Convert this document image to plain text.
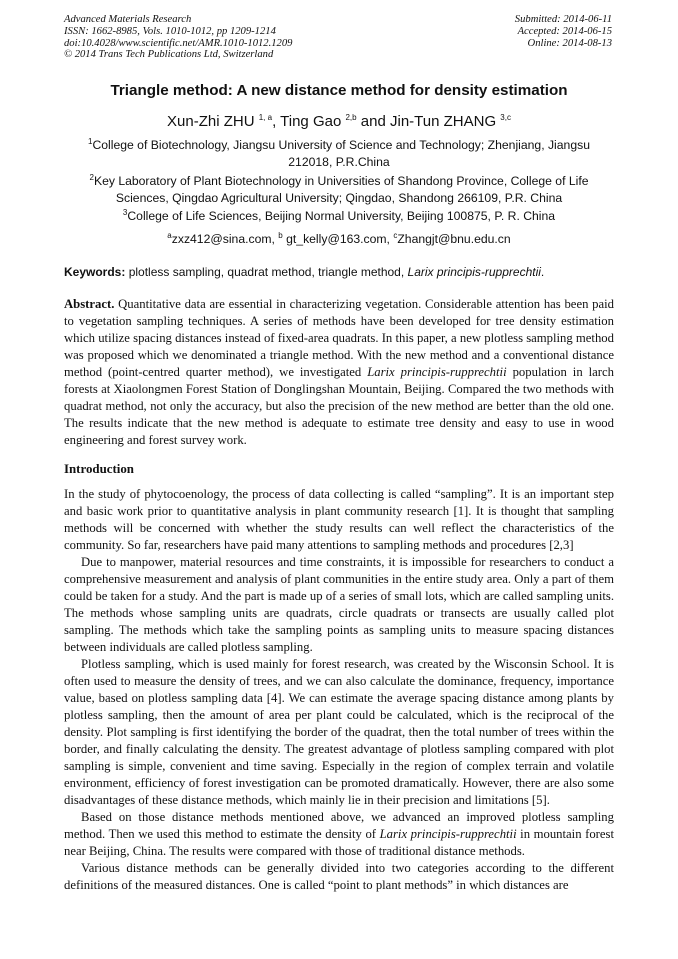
Advanced Materials Research
ISSN: 1662-8985, Vols. 1010-1012, pp 1209-1214
doi:10.4028/www.scientific.net/AMR.1010-1012.1209
© 2014 Trans Tech Publications Ltd, Switzerland
Submitted: 2014-06-11
Accepted: 2014-06-15
Online: 2014-08-13
Triangle method: A new distance method for density estimation
Xun-Zhi ZHU $^{1, a}$, Ting Gao $^{2,b}$ and Jin-Tun ZHANG $^{3,c}$
$^1$College of Biotechnology, Jiangsu University of Science and Technology; Zhenjiang, Jiangsu 212018, P.R.China
$^2$Key Laboratory of Plant Biotechnology in Universities of Shandong Province, College of Life Sciences, Qingdao Agricultural University; Qingdao, Shandong 266109, P.R. China
$^3$College of Life Sciences, Beijing Normal University, Beijing 100875, P. R. China
$^a$zxz412@sina.com, $^b$ gt_kelly@163.com, $^c$Zhangjt@bnu.edu.cn
Keywords: plotless sampling, quadrat method, triangle method, Larix principis-rupprechtii.

Abstract. Quantitative data are essential in characterizing vegetation. Considerable attention has been paid to vegetation sampling techniques. A series of methods have been developed for tree density estimation which utilize spacing distances instead of fixed-area quadrats. In this paper, a new plotless sampling method was proposed which we denominated a triangle method. With the new method and a conventional distance method (point-centred quarter method), we investigated Larix principis-rupprechtii population in larch forests at Xiaolongmen Forest Station of Donglingshan Mountain, Beijing. Compared the two methods with quadrat method, not only the accuracy, but also the precision of the new method are better than the old one. The results indicate that the new method is adequate to estimate tree density and easy to use in wood engineering and forest survey work.

Introduction

In the study of phytocoenology, the process of data collecting is called “sampling”. It is an important step and basic work prior to quantitative analysis in plant community research [1]. It is thought that sampling methods will be concerned with whether the study results can well reflect the characteristics of the community. So far, researchers have paid many attentions to sampling methods and procedures [2,3]

Due to manpower, material resources and time constraints, it is impossible for researchers to conduct a comprehensive measurement and analysis of plant communities in the entire study area. Only a part of them could be taken for a study. And the part is made up of a series of small lots, which are called sampling units. The methods whose sampling units are quadrats, circle quadrats or transects are usually called plot sampling. The methods which take the sampling points as sampling units to measure spacing distances between individuals are called plotless sampling.

Plotless sampling, which is used mainly for forest research, was created by the Wisconsin School. It is often used to measure the density of trees, and we can also calculate the dominance, frequency, importance value, based on plotless sampling data [4]. We can estimate the average spacing distance among plants by plotless sampling, then the amount of area per plant could be calculated, which is the reciprocal of the density. Plot sampling is first identifying the border of the quadrat, then the total number of trees within the border, and finally calculating the density. The greatest advantage of plotless sampling compared with plot sampling is simple, convenient and time saving. Especially in the region of complex terrain and volatile environment, efficiency of forest investigation can be promoted dramatically. However, there are also some disadvantages of these distance methods, which mainly lie in their precision and limitations [5].

Based on those distance methods mentioned above, we advanced an improved plotless sampling method. Then we used this method to estimate the density of Larix principis-rupprechtii in mountain forest near Beijing, China. The results were compared with those of traditional distance methods.

Various distance methods can be generally divided into two categories according to the different definitions of the measured distances. One is called “point to plant methods” in which distances are
